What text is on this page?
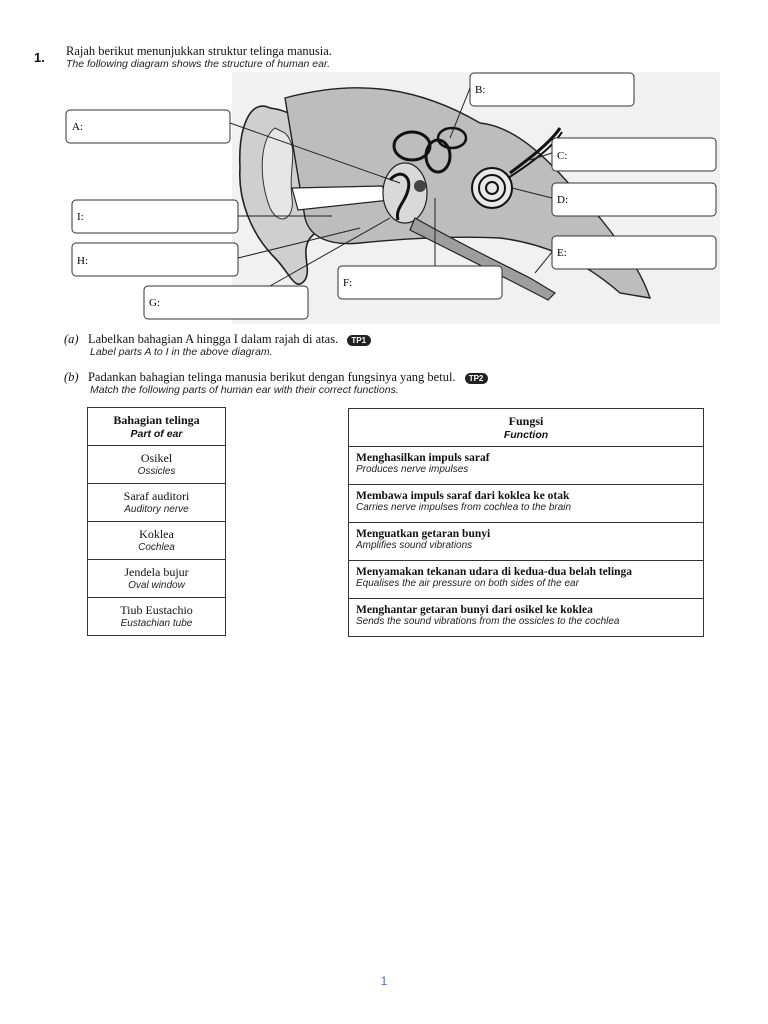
1. Rajah berikut menunjukkan struktur telinga manusia.
The following diagram shows the structure of human ear.
A:
B:
C:
D:
E:
F:
G:
H:
I:
(a) Labelkan bahagian A hingga I dalam rajah di atas. TP1
Label parts A to I in the above diagram.
(b) Padankan bahagian telinga manusia berikut dengan fungsinya yang betul. TP2
Match the following parts of human ear with their correct functions.
Bahagian telinga
Part of ear

Osikel
Ossicles

Saraf auditori
Auditory nerve

Koklea
Cochlea

Jendela bujur
Oval window

Tiub Eustachio
Eustachian tube
Fungsi
Function

Menghasilkan impuls saraf
Produces nerve impulses

Membawa impuls saraf dari koklea ke otak
Carries nerve impulses from cochlea to the brain

Menguatkan getaran bunyi
Amplifies sound vibrations

Menyamakan tekanan udara di kedua-dua belah telinga
Equalises the air pressure on both sides of the ear

Menghantar getaran bunyi dari osikel ke koklea
Sends the sound vibrations from the ossicles to the cochlea
1
